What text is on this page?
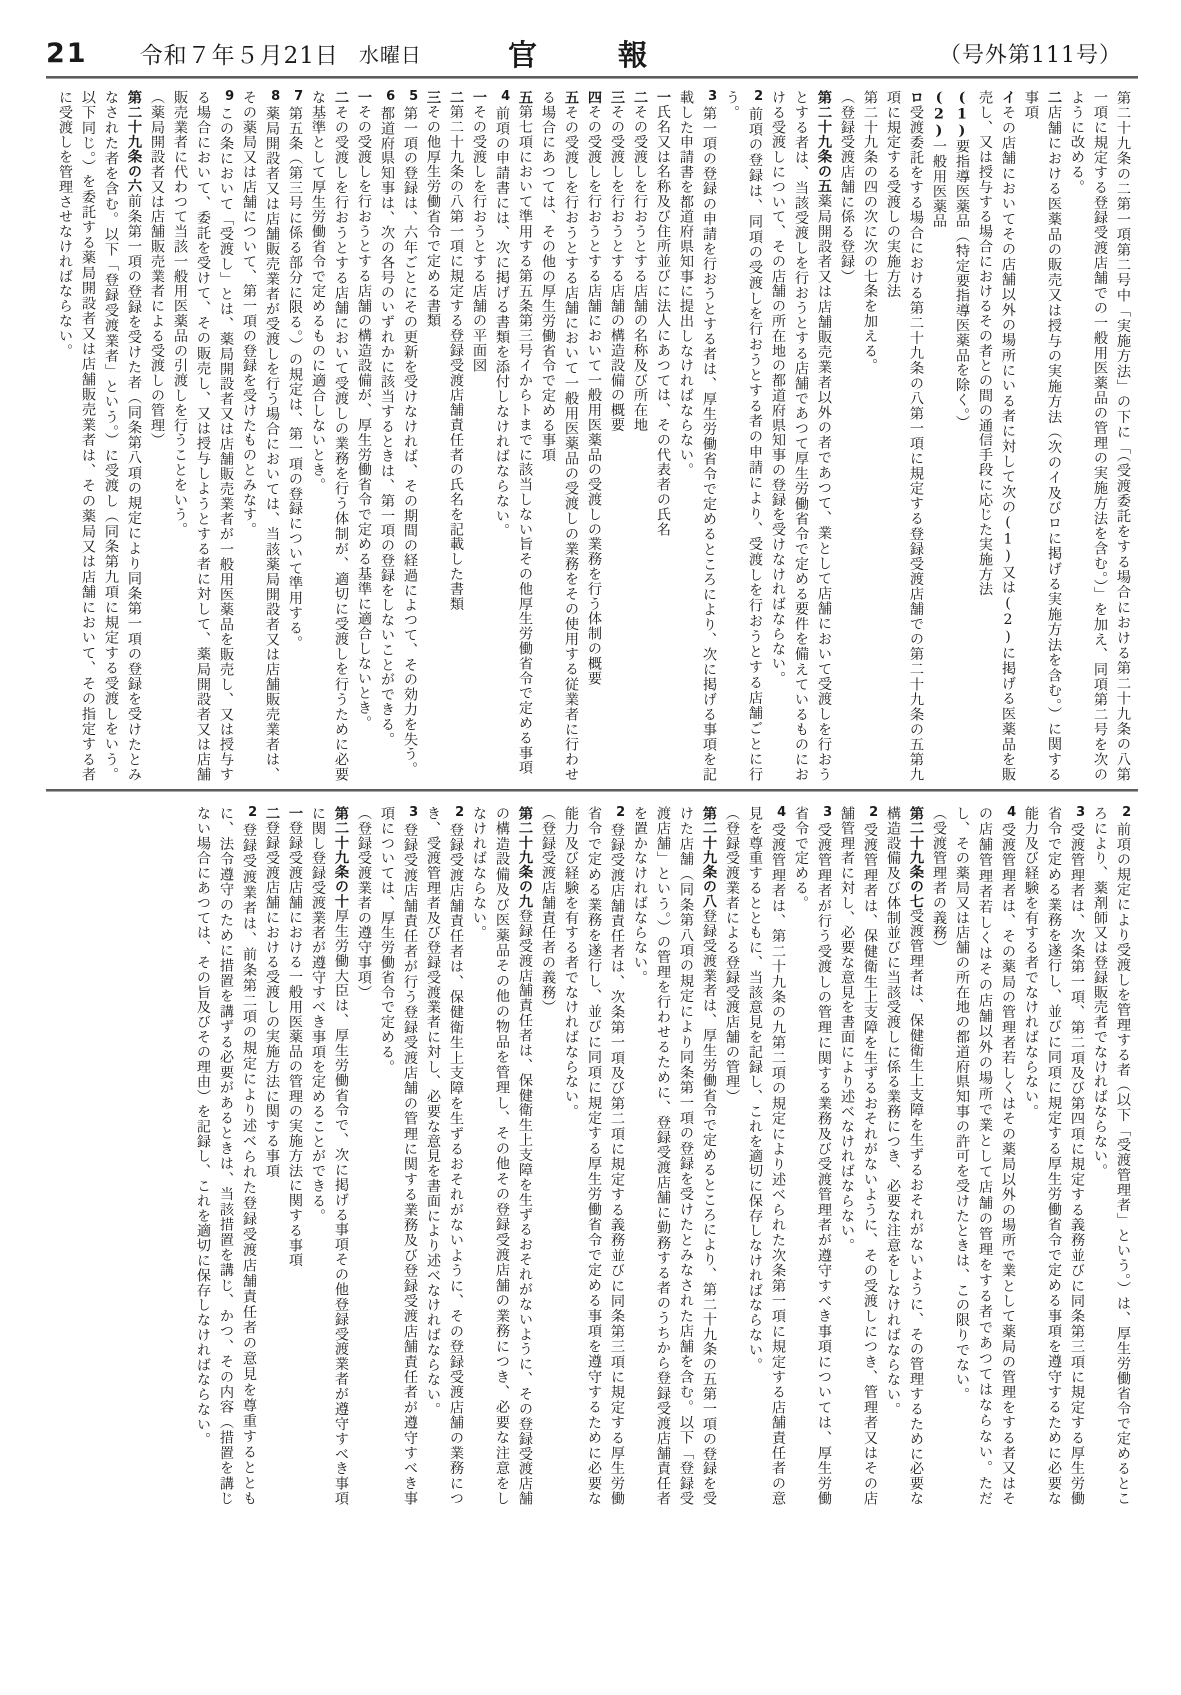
21 令和７年５月21日 水曜日	官　報	（号外第111号）
第二十九条の二第一項第二号中「実施方法」の下に「（受渡委託をする場合における第二十九条の八第一項に規定する登録受渡店舗での一般用医薬品の管理の実施方法を含む。）」を加え、同項第二号を次のように改める。
二店舗における医薬品の販売又は授与の実施方法（次のイ及びロに掲げる実施方法を含む。）に関する事項
イその店舗においてその店舗以外の場所にいる者に対して次の(1)又は(2)に掲げる医薬品を販売し、又は授与する場合におけるその者との間の通信手段に応じた実施方法
(1)要指導医薬品（特定要指導医薬品を除く。）
(2)一般用医薬品
ロ受渡委託をする場合における第二十九条の八第一項に規定する登録受渡店舗での第二十九条の五第九項に規定する受渡しの実施方法
第二十九条の四の次に次の七条を加える。
（登録受渡店舗に係る登録）
第二十九条の五薬局開設者又は店舗販売業者以外の者であつて、業として店舗において受渡しを行おうとする者は、当該受渡しを行おうとする店舗であつて厚生労働省令で定める要件を備えているものにおける受渡しについて、その店舗の所在地の都道府県知事の登録を受けなければならない。
2前項の登録は、同項の受渡しを行おうとする者の申請により、受渡しを行おうとする店舗ごとに行う。
3第一項の登録の申請を行おうとする者は、厚生労働省令で定めるところにより、次に掲げる事項を記載した申請書を都道府県知事に提出しなければならない。
一氏名又は名称及び住所並びに法人にあつては、その代表者の氏名
二その受渡しを行おうとする店舗の名称及び所在地
三その受渡しを行おうとする店舗の構造設備の概要
四その受渡しを行おうとする店舗において一般用医薬品の受渡しの業務を行う体制の概要
五その受渡しを行おうとする店舗において一般用医薬品の受渡しの業務をその使用する従業者に行わせる場合にあつては、その他の厚生労働省令で定める事項
五第七項において準用する第五条第三号イからトまでに該当しない旨その他厚生労働省令で定める事項
4前項の申請書には、次に掲げる書類を添付しなければならない。
一その受渡しを行おうとする店舗の平面図
二第二十九条の八第一項に規定する登録受渡店舗責任者の氏名を記載した書類
三その他厚生労働省令で定める書類
5第一項の登録は、六年ごとにその更新を受けなければ、その期間の経過によつて、その効力を失う。
6都道府県知事は、次の各号のいずれかに該当するときは、第一項の登録をしないことができる。
一その受渡しを行おうとする店舗の構造設備が、厚生労働省令で定める基準に適合しないとき。
二その受渡しを行おうとする店舗において受渡しの業務を行う体制が、適切に受渡しを行うために必要な基準として厚生労働省令で定めるものに適合しないとき。
7第五条（第三号に係る部分に限る。）の規定は、第一項の登録について準用する。
8薬局開設者又は店舗販売業者が受渡しを行う場合においては、当該薬局開設者又は店舗販売業者は、その薬局又は店舗について、第一項の登録を受けたものとみなす。
9この条において「受渡し」とは、薬局開設者又は店舗販売業者が一般用医薬品を販売し、又は授与する場合において、委託を受けて、その販売し、又は授与しようとする者に対して、薬局開設者又は店舗販売業者に代わつて当該一般用医薬品の引渡しを行うことをいう。
（薬局開設者又は店舗販売業者による受渡しの管理）
第二十九条の六前条第一項の登録を受けた者（同条第八項の規定により同条第一項の登録を受けたとみなされた者を含む。以下「登録受渡業者」という。）に受渡し（同条第九項に規定する受渡しをいう。以下同じ。）を委託する薬局開設者又は店舗販売業者は、その薬局又は店舗において、その指定する者に受渡しを管理させなければならない。
2前項の規定により受渡しを管理する者（以下「受渡管理者」という。）は、厚生労働省令で定めるところにより、薬剤師又は登録販売者でなければならない。
3受渡管理者は、次条第一項、第二項及び第四項に規定する義務並びに同条第三項に規定する厚生労働省令で定める業務を遂行し、並びに同項に規定する厚生労働省令で定める事項を遵守するために必要な能力及び経験を有する者でなければならない。
4受渡管理者は、その薬局の管理者若しくはその薬局以外の場所で業として薬局の管理をする者又はその店舗管理者若しくはその店舗以外の場所で業として店舗の管理をする者であつてはならない。ただし、その薬局又は店舗の所在地の都道府県知事の許可を受けたときは、この限りでない。
（受渡管理者の義務）
第二十九条の七受渡管理者は、保健衛生上支障を生ずるおそれがないように、その管理するために必要な構造設備及び体制並びに当該受渡しに係る業務につき、必要な注意をしなければならない。
2受渡管理者は、保健衛生上支障を生ずるおそれがないように、その受渡しにつき、管理者又はその店舗管理者に対し、必要な意見を書面により述べなければならない。
3受渡管理者が行う受渡しの管理に関する業務及び受渡管理者が遵守すべき事項については、厚生労働省令で定める。
4受渡管理者は、第二十九条の九第二項の規定により述べられた次条第一項に規定する店舗責任者の意見を尊重するとともに、当該意見を記録し、これを適切に保存しなければならない。
（登録受渡業者による登録受渡店舗の管理）
第二十九条の八登録受渡業者は、厚生労働省令で定めるところにより、第二十九条の五第一項の登録を受けた店舗（同条第八項の規定により同条第一項の登録を受けたとみなされた店舗を含む。以下「登録受渡店舗」という。）の管理を行わせるために、登録受渡店舗に勤務する者のうちから登録受渡店舗責任者を置かなければならない。
2登録受渡店舗責任者は、次条第一項及び第二項に規定する義務並びに同条第三項に規定する厚生労働省令で定める業務を遂行し、並びに同項に規定する厚生労働省令で定める事項を遵守するために必要な能力及び経験を有する者でなければならない。
（登録受渡店舗責任者の義務）
第二十九条の九登録受渡店舗責任者は、保健衛生上支障を生ずるおそれがないように、その登録受渡店舗の構造設備及び医薬品その他の物品を管理し、その他その登録受渡店舗の業務につき、必要な注意をしなければならない。
2登録受渡店舗責任者は、保健衛生上支障を生ずるおそれがないように、その登録受渡店舗の業務につき、受渡管理者及び登録受渡業者に対し、必要な意見を書面により述べなければならない。
3登録受渡店舗責任者が行う登録受渡店舗の管理に関する業務及び登録受渡店舗責任者が遵守すべき事項については、厚生労働省令で定める。
（登録受渡業者の遵守事項）
第二十九条の十厚生労働大臣は、厚生労働省令で、次に掲げる事項その他登録受渡業者が遵守すべき事項に関し登録受渡業者が遵守すべき事項を定めることができる。
一登録受渡店舗における一般用医薬品の管理の実施方法に関する事項
二登録受渡店舗における受渡しの実施方法に関する事項
2登録受渡業者は、前条第二項の規定により述べられた登録受渡店舗責任者の意見を尊重するとともに、法令遵守のために措置を講ずる必要があるときは、当該措置を講じ、かつ、その内容（措置を講じない場合にあつては、その旨及びその理由）を記録し、これを適切に保存しなければならない。
